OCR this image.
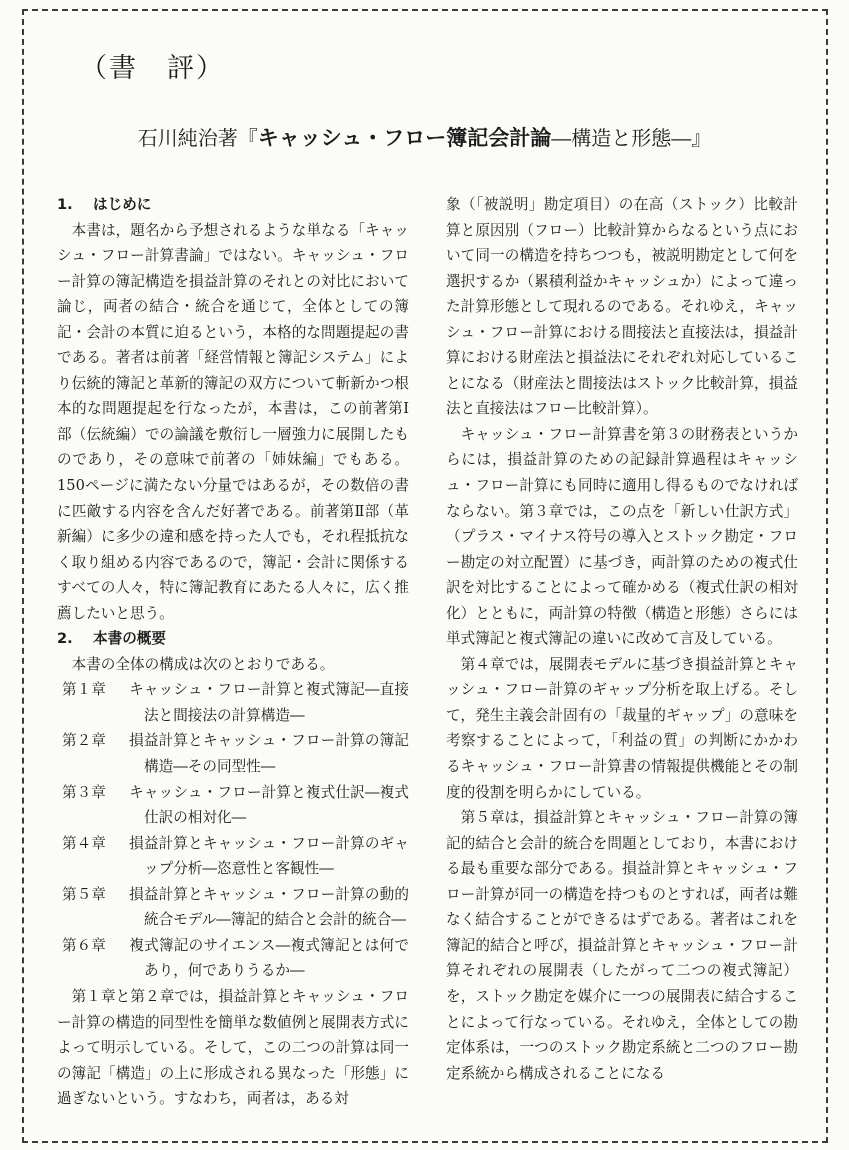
（書　評）
石川純治著『キャッシュ・フロー簿記会計論―構造と形態―』
1. はじめに

本書は，題名から予想されるような単なる「キャッシュ・フロー計算書論」ではない。キャッシュ・フロー計算の簿記構造を損益計算のそれとの対比において論じ，両者の結合・統合を通じて，全体としての簿記・会計の本質に迫るという，本格的な問題提起の書である。著者は前著「経営情報と簿記システム」により伝統的簿記と革新的簿記の双方について斬新かつ根本的な問題提起を行なったが，本書は，この前著第Ⅰ部（伝統編）での論議を敷衍し一層強力に展開したものであり，その意味で前著の「姉妹編」でもある。150ページに満たない分量ではあるが，その数倍の書に匹敵する内容を含んだ好著である。前著第Ⅱ部（革新編）に多少の違和感を持った人でも，それ程抵抗なく取り組める内容であるので，簿記・会計に関係するすべての人々，特に簿記教育にあたる人々に，広く推薦したいと思う。

2. 本書の概要

本書の全体の構成は次のとおりである。

第１章 キャッシュ・フロー計算と複式簿記―直接法と間接法の計算構造―
第２章 損益計算とキャッシュ・フロー計算の簿記構造―その同型性―
第３章 キャッシュ・フロー計算と複式仕訳―複式仕訳の相対化―
第４章 損益計算とキャッシュ・フロー計算のギャップ分析―恣意性と客観性―
第５章 損益計算とキャッシュ・フロー計算の動的統合モデル―簿記的結合と会計的統合―
第６章 複式簿記のサイエンス―複式簿記とは何であり，何でありうるか―

第１章と第２章では，損益計算とキャッシュ・フロー計算の構造的同型性を簡単な数値例と展開表方式によって明示している。そして，この二つの計算は同一の簿記「構造」の上に形成される異なった「形態」に過ぎないという。すなわち，両者は，ある対

象（「被説明」勘定項目）の在高（ストック）比較計算と原因別（フロー）比較計算からなるという点において同一の構造を持ちつつも，被説明勘定として何を選択するか（累積利益かキャッシュか）によって違った計算形態として現れるのである。それゆえ，キャッシュ・フロー計算における間接法と直接法は，損益計算における財産法と損益法にそれぞれ対応していることになる（財産法と間接法はストック比較計算，損益法と直接法はフロー比較計算）。

キャッシュ・フロー計算書を第３の財務表というからには，損益計算のための記録計算過程はキャッシュ・フロー計算にも同時に適用し得るものでなければならない。第３章では，この点を「新しい仕訳方式」（プラス・マイナス符号の導入とストック勘定・フロー勘定の対立配置）に基づき，両計算のための複式仕訳を対比することによって確かめる（複式仕訳の相対化）とともに，両計算の特徴（構造と形態）さらには単式簿記と複式簿記の違いに改めて言及している。

第４章では，展開表モデルに基づき損益計算とキャッシュ・フロー計算のギャップ分析を取上げる。そして，発生主義会計固有の「裁量的ギャップ」の意味を考察することによって，「利益の質」の判断にかかわるキャッシュ・フロー計算書の情報提供機能とその制度的役割を明らかにしている。

第５章は，損益計算とキャッシュ・フロー計算の簿記的結合と会計的統合を問題としており，本書における最も重要な部分である。損益計算とキャッシュ・フロー計算が同一の構造を持つものとすれば，両者は難なく結合することができるはずである。著者はこれを簿記的結合と呼び，損益計算とキャッシュ・フロー計算それぞれの展開表（したがって二つの複式簿記）を，ストック勘定を媒介に一つの展開表に結合することによって行なっている。それゆえ，全体としての勘定体系は，一つのストック勘定系統と二つのフロー勘定系統から構成されることになる
